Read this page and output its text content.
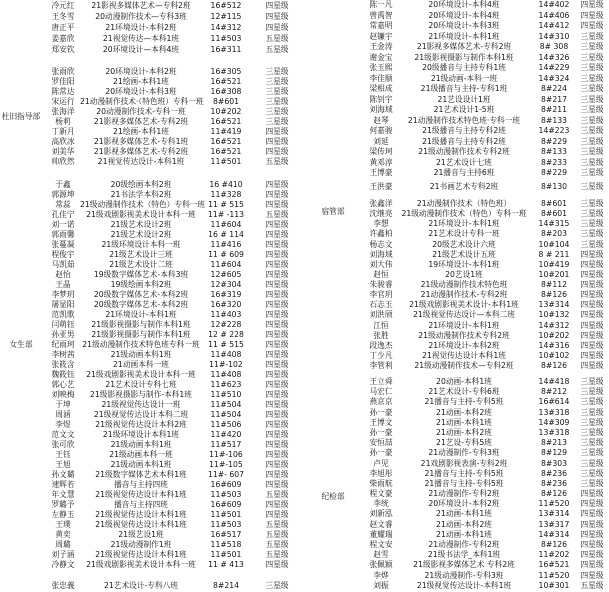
杜旧指导部
女生部
冷元红	21影视多媒体艺术—专科2班	16#512	四星级
王冬雪	20动漫制作技术—专科3班	12#115	四星级
唐正平	21环境设计-本科2班	14#312	四星级
姜嘉欣	21视觉传达—本科1班	11#503	五星级
郑安钦	20环境设计—本科4班	16#311	五星级
张雨欣	20环境设计-本科2班	16#305	三星级
罗佳阳	21绘画-本科1班	16#521	三星级
陈常达	20环境设计-本科3班	16#308	三星级
宋运行 21动漫制作技术·（特色班）专科一班	8#601	三星级
张海洋	20动漫制作技术-专科一班	10#202	三星级
杨莉	21影视多媒体艺术-专科2班	16#521	三星级
丁新月	21绘画-本科1班	11#419	四星级
高欣冰	21影视多媒体艺术-专科1班	16#521	四星级
刘美华	21影视多媒体艺术-专科2班	16#521	四星级
帅欣然	21视觉传达设计-本科1班	11#501	五星级
于鑫	20级绘画本科2班	16 #410	四星级
郭源坤	21书法学本科2班	11#328	四星级
常蕊	21级动漫制作技术（特色）专科一班 11 # 515	四星级
孔佳宁	21级戏剧影视美术设计本科一班	11# -113	五星级
刘一诺	21级艺术设计2班	11#604	四星级
郭雨馨	21级艺术设计2班	16 # 114	四星级
张蔓凝	21级环境设计本科一班	11#416	四星级
程俊宇	21级艺术设计三班	11 # 609	四星级
马凯茹	21级艺术设计二班	11#604	四星级
赵怡	19级数字媒体艺术-本科3班	12#605	四星级
王晶	19级绘画本科2班	12#304	四星级
李梦玥	20级数字媒体艺术-本科2班	16#319	四星级
屠显阳	20级数字媒体艺术-本科2班	16#320	四星级
范凯歌	21环境设计-本科1班	11#403	四星级
闫萌钰	21级影视摄影与制作本科1班	12#228	四星级
孙亚男	21级影视摄影与制作本科1班	12 # 228	四星级
纪雨珂	21级动漫制作技术特色班专科一班	11 # 515	四星级
李树茜	21级动画本科1班	11#408	四星级
张筱含	21动画本科一班	11#-102	四星级
魏筱钰	21级戏剧影视美术设计本科一班	11#408	四星级
郭心艺	21艺术设计专科七班	11#623	四星级
刘映梅	21级影视摄影与制作-本科1班	11#510	四星级
于坤	21级视觉传达设计一班	11#504	四星级
周涵	21级视觉传达设计本科二班	11#504	四星级
李煜	21级视觉传达设计本科2班	11#506	四星级
范文文	21级环境设计本科1班	11#420	四星级
张可欣	21级动画本科1班	11#517	四星级
王钰	21级动画本科一班	11#-106	四星级
王旭	21级动画本科1班	11#-105	四星级
孙文璐	21级数字媒体艺术本科1班	11#- 607	四星级
速辉若	播音与主持四班	16#609	四星级
年文慧	21级视觉传达设计本科1班	11#503	五星级
罗璐予	播音与主持四班	16#609	四星级
左静玉	21级视觉传达设计本科1班	11#501	四星级
王璞	21级视觉传达设计本科1班	11#503	五星级
黄奕	21级艺设1班	16#517	五星级
周璐	21级动漫制作1班	11#518	五星级
刘子涵	21级视觉传达设计本科1班	11#501	五星级
冷静文	21级戏剧影视美术设计本科一班	11 # 413	四星级
张忠義	21艺术设计-专科八班	8#214	三星级
宿管部
纪检部
陈一凡	20环境设计-本科4班	14#402	四星级
曾禹智	20环境设计-本科4班	14#406	四星级
常嘉明	20环境设计-本科3班	14#412	四星级
赵镰宇	21环境设计-本科1班	14#310	三星级
王金涛	21影视多媒体艺术-专科2班	8# 308	三星级
谢金宝	21级影视摄影与制作本科1班	14#326	三星级
张玉熙	20级播音与主持专科1班	14#229	三星级
李佳顺	21级动画-本科一班	14#324	三星级
梁相成	21级播音与主持-专科1班	8#224	三星级
陈钊宇	21艺设设计1班	8#217	三星级
刘海域	21艺术设计1-5班	8#211	三星级
赵琴	21动漫制作技术特色班·专科一班	8#133	三星级
何嘉骏	21级播音与主持专科2班	14#223	三星级
刘延	21级播音与主持专科2班	8#229	三星级
梁传珂	21级动漫制作技术专科2班	8#133	三星级
黄邓淳	21艺术设计七班	8#233	三星级
王博豪	21播音与主持6班	8#229	三星级
王洪豪	21书画艺术专科2班	8#130	三星级
张鑫洋	21动漫制作技术（特色班）	8#601	三星级
沈继亮	21级动漫制作技术（特色）专科一班	8#601	三星级
李想	21环境设计-本科1班	14#315	三星级
许鑫柏	21艺术设计专科一班	8#203	三星级
杨志文	20级艺术设计六班	10#104	三星级
刘海域	21级艺术设计五班	8 # 211	四星级
刘大伟	19环境设计-本科1班	10#419	四星级
赵恒	20艺设1班	10#201	四星级
朱骏睿	21级动漫制作技术特色班	8#112	四星级
李官玥	21动漫制作技术-专科2班	8#126	四星级
石志玉	21级戏剧影视美术设计-本科1班	13#314	四星级
刘洪颀	21级视觉传达设计—本科二班	10#132	四星级
江恒	21环境设计-本科1班	14#312	四星级
张胜	21级动漫制作技术专科2班	10#202	四星级
段逸杰	21环境设计-本科2班	14#316	四星级
丁少凡	21视觉传达设计本科1班	10#102	四星级
李管利	21级动漫制作技术—专科2班	8#126	四星级
王立舜	20动画-本科1班	14#418	三星级
马宏仁	21艺术设计-专科6班	8#212	三星级
燕京京	21播音与主持-专科5班	16#614	三星级
孙一豪	21动画-本科2班	13#318	三星级
王博文	21动画-本科1班	14#309	三星级
孙一豪	21动画-本科2班	13#318	三星级
安恒喆	21艺设-专科5班	8#213	三星级
孙一豪	21动漫制作-专科3班	8#129	三星级
卢见	21戏剧影视表演-专科2班	8#303	三星级
李旭彤	21播音与主持-专科5班	8#236	三星级
柴雨航	21播音与主持-专科5班	8#236	三星级
程文豪	21动漫制作-专科2班	8#126	四星级
李统	20环境设计-本科2班	11#520	四星级
刘新泓	21动画-本科1班	13#314	四星级
赵文睿	21动画-本科2班	13#317	四星级
董耀瑞	21动画-本科1班	14#314	四星级
程文安	21动漫制作-专科2班	8#126	四星级
赵雪	21级书法学_本科1班	11#202	四星级
张佩颖	21级影视多媒体艺术 专科2班	16#521	四星级
李烨	21级动漫制作-专科3班	11#520	四星级
刘振	21级视觉传达设计-本科1班	10#301	五星级
